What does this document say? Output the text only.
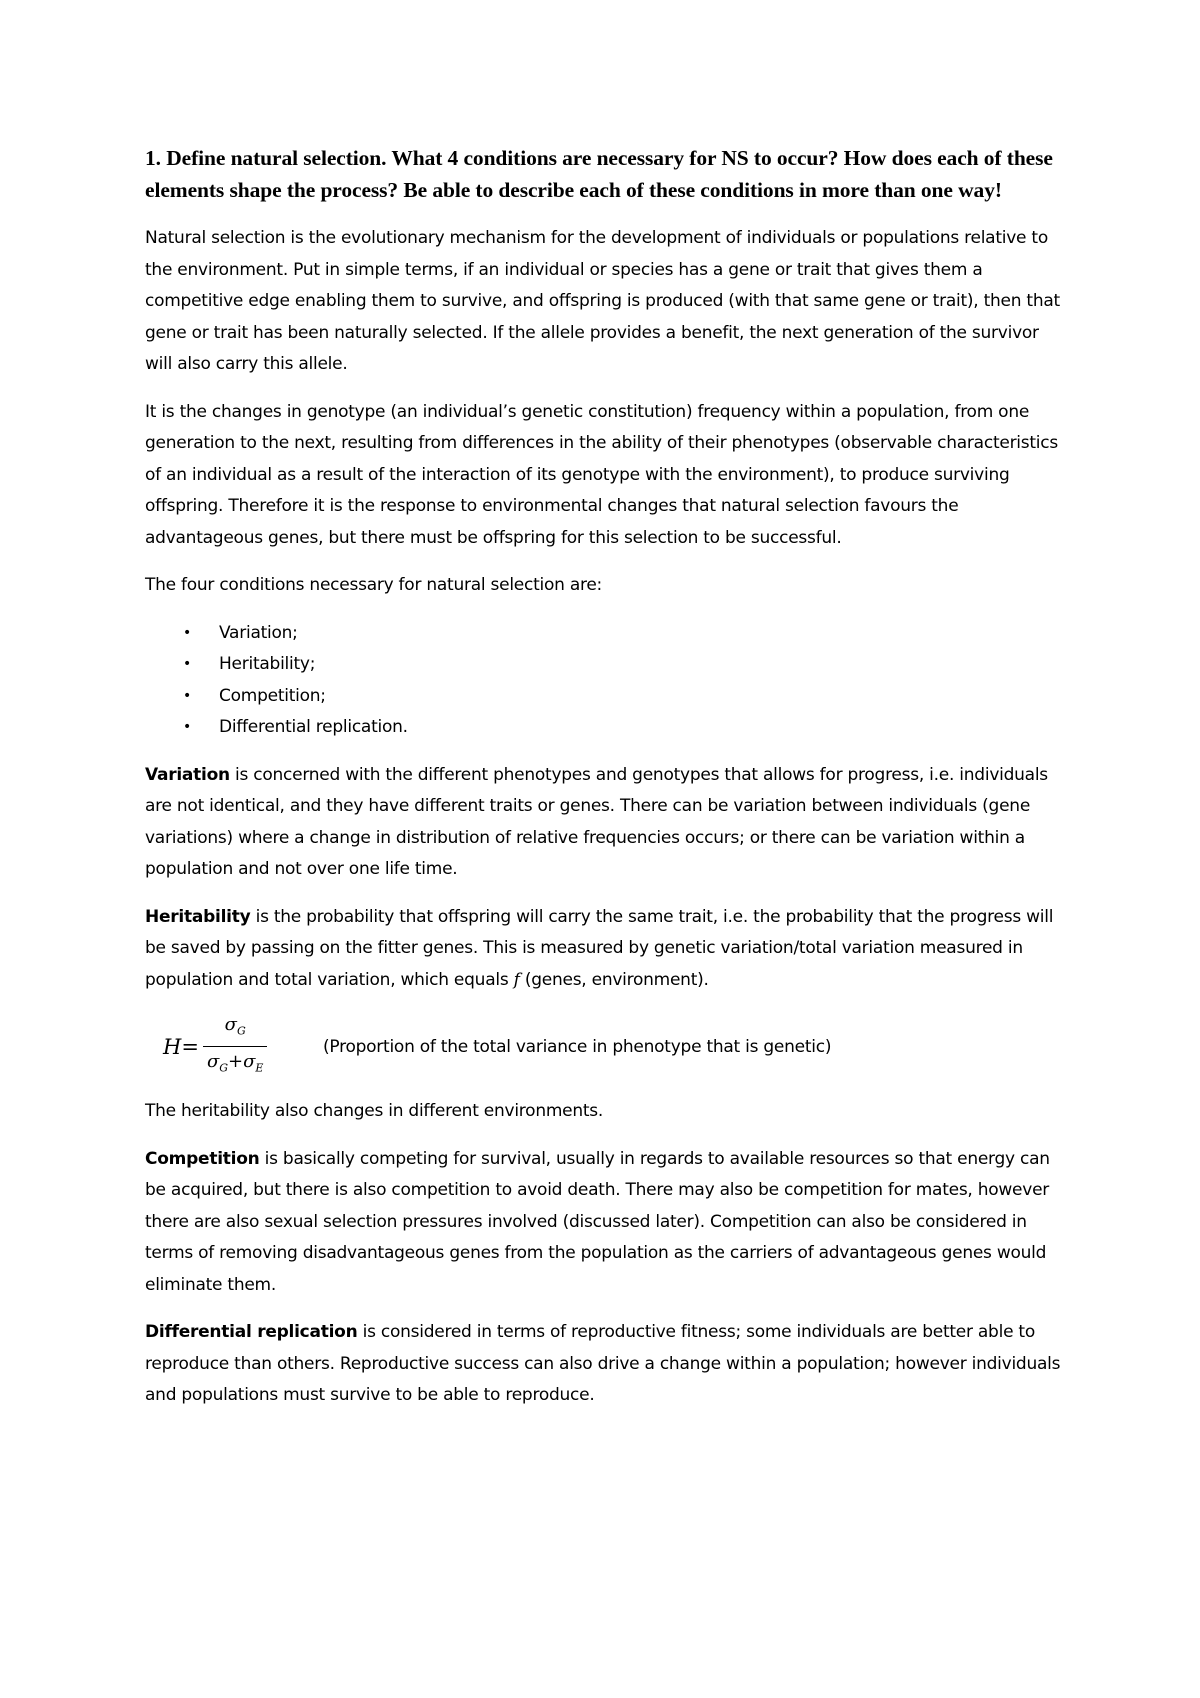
1. Define natural selection. What 4 conditions are necessary for NS to occur? How does each of these elements shape the process? Be able to describe each of these conditions in more than one way!

Natural selection is the evolutionary mechanism for the development of individuals or populations relative to the environment. Put in simple terms, if an individual or species has a gene or trait that gives them a competitive edge enabling them to survive, and offspring is produced (with that same gene or trait), then that gene or trait has been naturally selected. If the allele provides a benefit, the next generation of the survivor will also carry this allele.

It is the changes in genotype (an individual’s genetic constitution) frequency within a population, from one generation to the next, resulting from differences in the ability of their phenotypes (observable characteristics of an individual as a result of the interaction of its genotype with the environment), to produce surviving offspring. Therefore it is the response to environmental changes that natural selection favours the advantageous genes, but there must be offspring for this selection to be successful.

The four conditions necessary for natural selection are:

• Variation;
• Heritability;
• Competition;
• Differential replication.

Variation is concerned with the different phenotypes and genotypes that allows for progress, i.e. individuals are not identical, and they have different traits or genes. There can be variation between individuals (gene variations) where a change in distribution of relative frequencies occurs; or there can be variation within a population and not over one life time.

Heritability is the probability that offspring will carry the same trait, i.e. the probability that the progress will be saved by passing on the fitter genes. This is measured by genetic variation/total variation measured in population and total variation, which equals f (genes, environment).

$H= \frac{\sigma_G}{\sigma_G+\sigma_E}$	(Proportion of the total variance in phenotype that is genetic)

The heritability also changes in different environments.

Competition is basically competing for survival, usually in regards to available resources so that energy can be acquired, but there is also competition to avoid death. There may also be competition for mates, however there are also sexual selection pressures involved (discussed later). Competition can also be considered in terms of removing disadvantageous genes from the population as the carriers of advantageous genes would eliminate them.

Differential replication is considered in terms of reproductive fitness; some individuals are better able to reproduce than others. Reproductive success can also drive a change within a population; however individuals and populations must survive to be able to reproduce.
